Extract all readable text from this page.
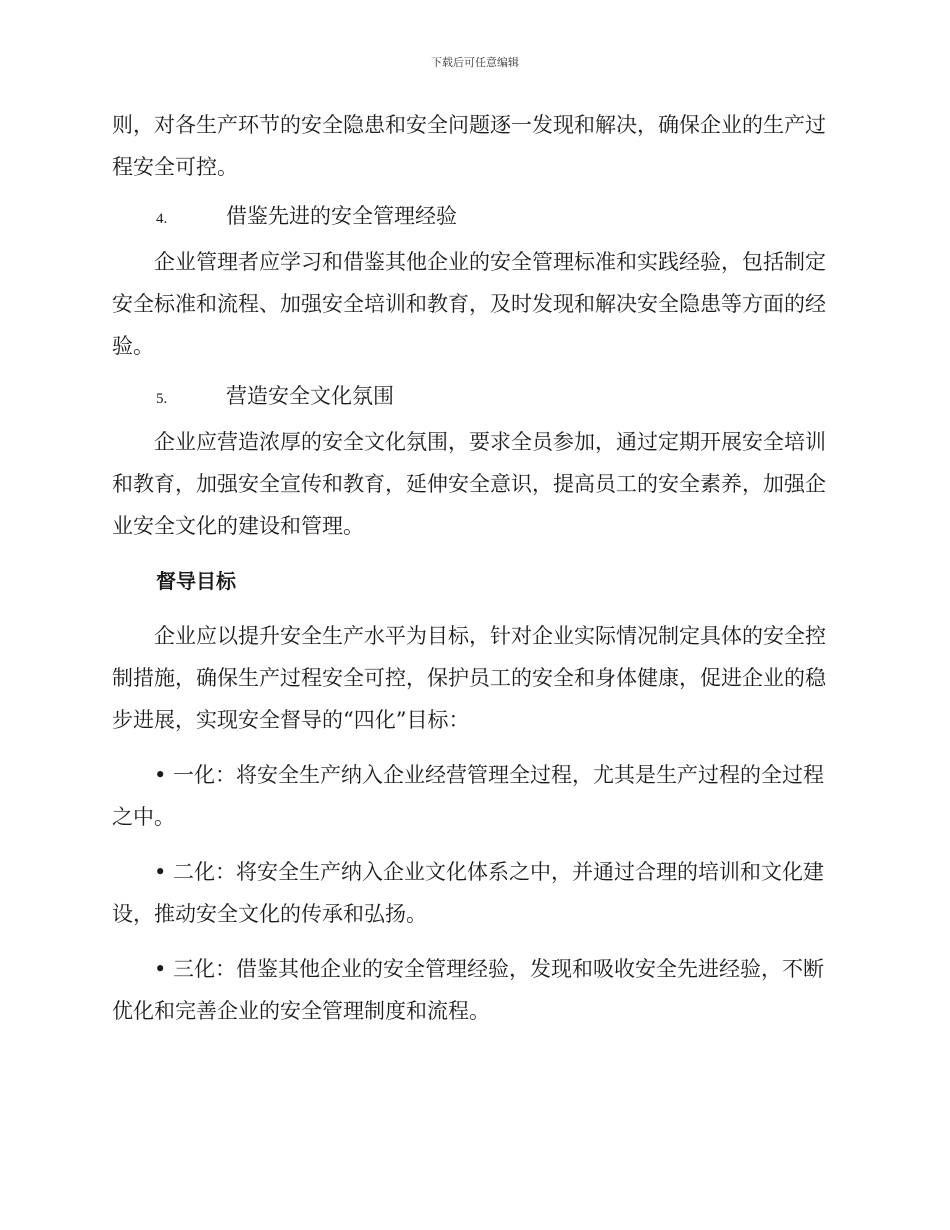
下载后可任意编辑

则，对各生产环节的安全隐患和安全问题逐一发现和解决，确保企业的生产过程安全可控。

4.	借鉴先进的安全管理经验

企业管理者应学习和借鉴其他企业的安全管理标准和实践经验，包括制定安全标准和流程、加强安全培训和教育，及时发现和解决安全隐患等方面的经验。

5.	营造安全文化氛围

企业应营造浓厚的安全文化氛围，要求全员参加，通过定期开展安全培训和教育，加强安全宣传和教育，延伸安全意识，提高员工的安全素养，加强企业安全文化的建设和管理。

督导目标

企业应以提升安全生产水平为目标，针对企业实际情况制定具体的安全控制措施，确保生产过程安全可控，保护员工的安全和身体健康，促进企业的稳步进展，实现安全督导的“四化”目标：

• 一化：将安全生产纳入企业经营管理全过程，尤其是生产过程的全过程之中。

• 二化：将安全生产纳入企业文化体系之中，并通过合理的培训和文化建设，推动安全文化的传承和弘扬。

• 三化：借鉴其他企业的安全管理经验，发现和吸收安全先进经验，不断优化和完善企业的安全管理制度和流程。
